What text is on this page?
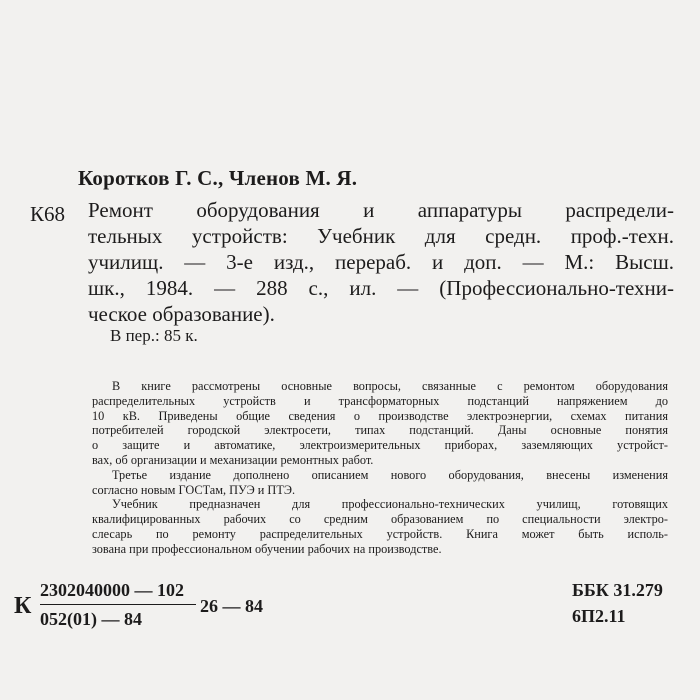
Коротков Г. С., Членов М. Я.
К68 Ремонт оборудования и аппаратуры распредели-
тельных устройств: Учебник для средн. проф.-техн.
училищ. — 3-е изд., перераб. и доп. — М.: Высш.
шк., 1984. — 288 с., ил. — (Профессионально-техни-
ческое образование).
В пер.: 85 к.
В книге рассмотрены основные вопросы, связанные с ремонтом оборудования
распределительных устройств и трансформаторных подстанций напряжением до
10 кВ. Приведены общие сведения о производстве электроэнергии, схемах питания
потребителей городской электросети, типах подстанций. Даны основные понятия
о защите и автоматике, электроизмерительных приборах, заземляющих устройст-
вах, об организации и механизации ремонтных работ.
Третье издание дополнено описанием нового оборудования, внесены изменения
согласно новым ГОСТам, ПУЭ и ПТЭ.
Учебник предназначен для профессионально-технических училищ, готовящих
квалифицированных рабочих со средним образованием по специальности электро-
слесарь по ремонту распределительных устройств. Книга может быть исполь-
зована при профессиональном обучении рабочих на производстве.
К
2302040000 — 102
052(01) — 84
26 — 84
ББК 31.279
6П2.11
